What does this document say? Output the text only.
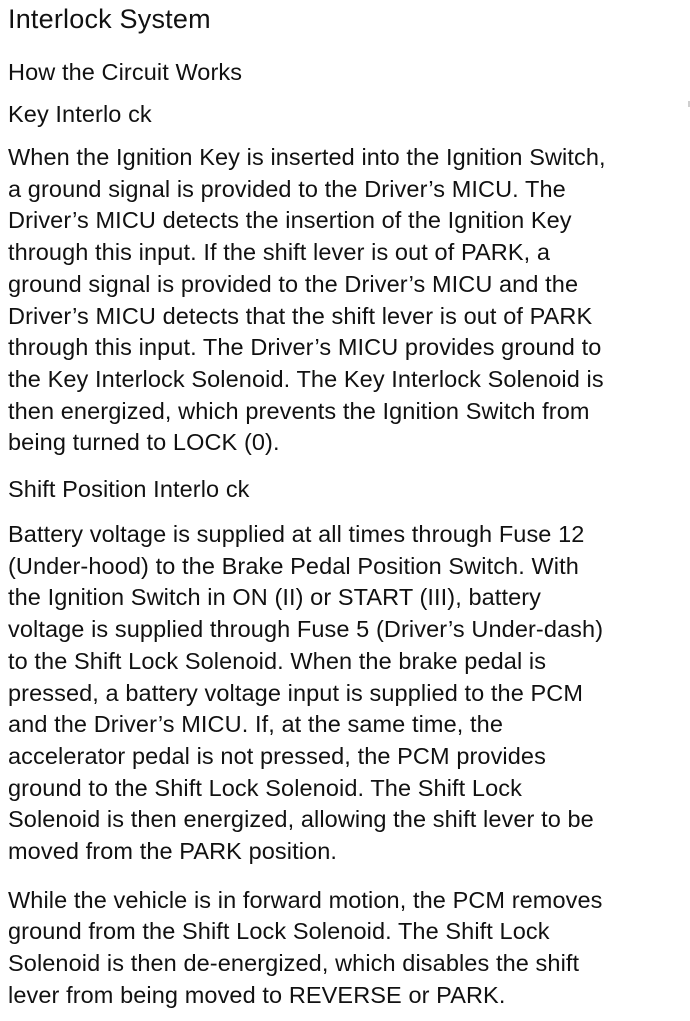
Interlock System
How the Circuit Works
Key Interlo ck

When the Ignition Key is inserted into the Ignition Switch,
a ground signal is provided to the Driver’s MICU. The
Driver’s MICU detects the insertion of the Ignition Key
through this input. If the shift lever is out of PARK, a
ground signal is provided to the Driver’s MICU and the
Driver’s MICU detects that the shift lever is out of PARK
through this input. The Driver’s MICU provides ground to
the Key Interlock Solenoid. The Key Interlock Solenoid is
then energized, which prevents the Ignition Switch from
being turned to LOCK (0).

Shift Position Interlo ck

Battery voltage is supplied at all times through Fuse 12
(Under-hood) to the Brake Pedal Position Switch. With
the Ignition Switch in ON (II) or START (III), battery
voltage is supplied through Fuse 5 (Driver’s Under-dash)
to the Shift Lock Solenoid. When the brake pedal is
pressed, a battery voltage input is supplied to the PCM
and the Driver’s MICU. If, at the same time, the
accelerator pedal is not pressed, the PCM provides
ground to the Shift Lock Solenoid. The Shift Lock
Solenoid is then energized, allowing the shift lever to be
moved from the PARK position.

While the vehicle is in forward motion, the PCM removes
ground from the Shift Lock Solenoid. The Shift Lock
Solenoid is then de-energized, which disables the shift
lever from being moved to REVERSE or PARK.
